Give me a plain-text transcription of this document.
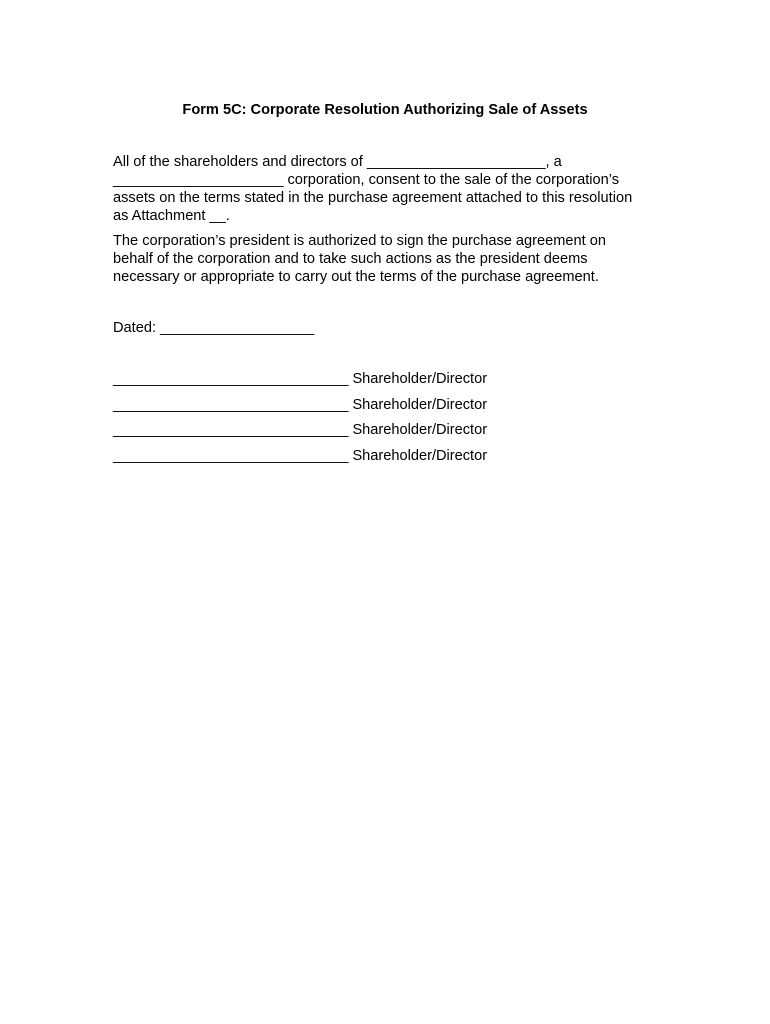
Form 5C: Corporate Resolution Authorizing Sale of Assets

All of the shareholders and directors of ______________________, a
_____________________ corporation, consent to the sale of the corporation’s
assets on the terms stated in the purchase agreement attached to this resolution
as Attachment __.

The corporation’s president is authorized to sign the purchase agreement on
behalf of the corporation and to take such actions as the president deems
necessary or appropriate to carry out the terms of the purchase agreement.

Dated: ___________________

_____________________________ Shareholder/Director
_____________________________ Shareholder/Director
_____________________________ Shareholder/Director
_____________________________ Shareholder/Director
